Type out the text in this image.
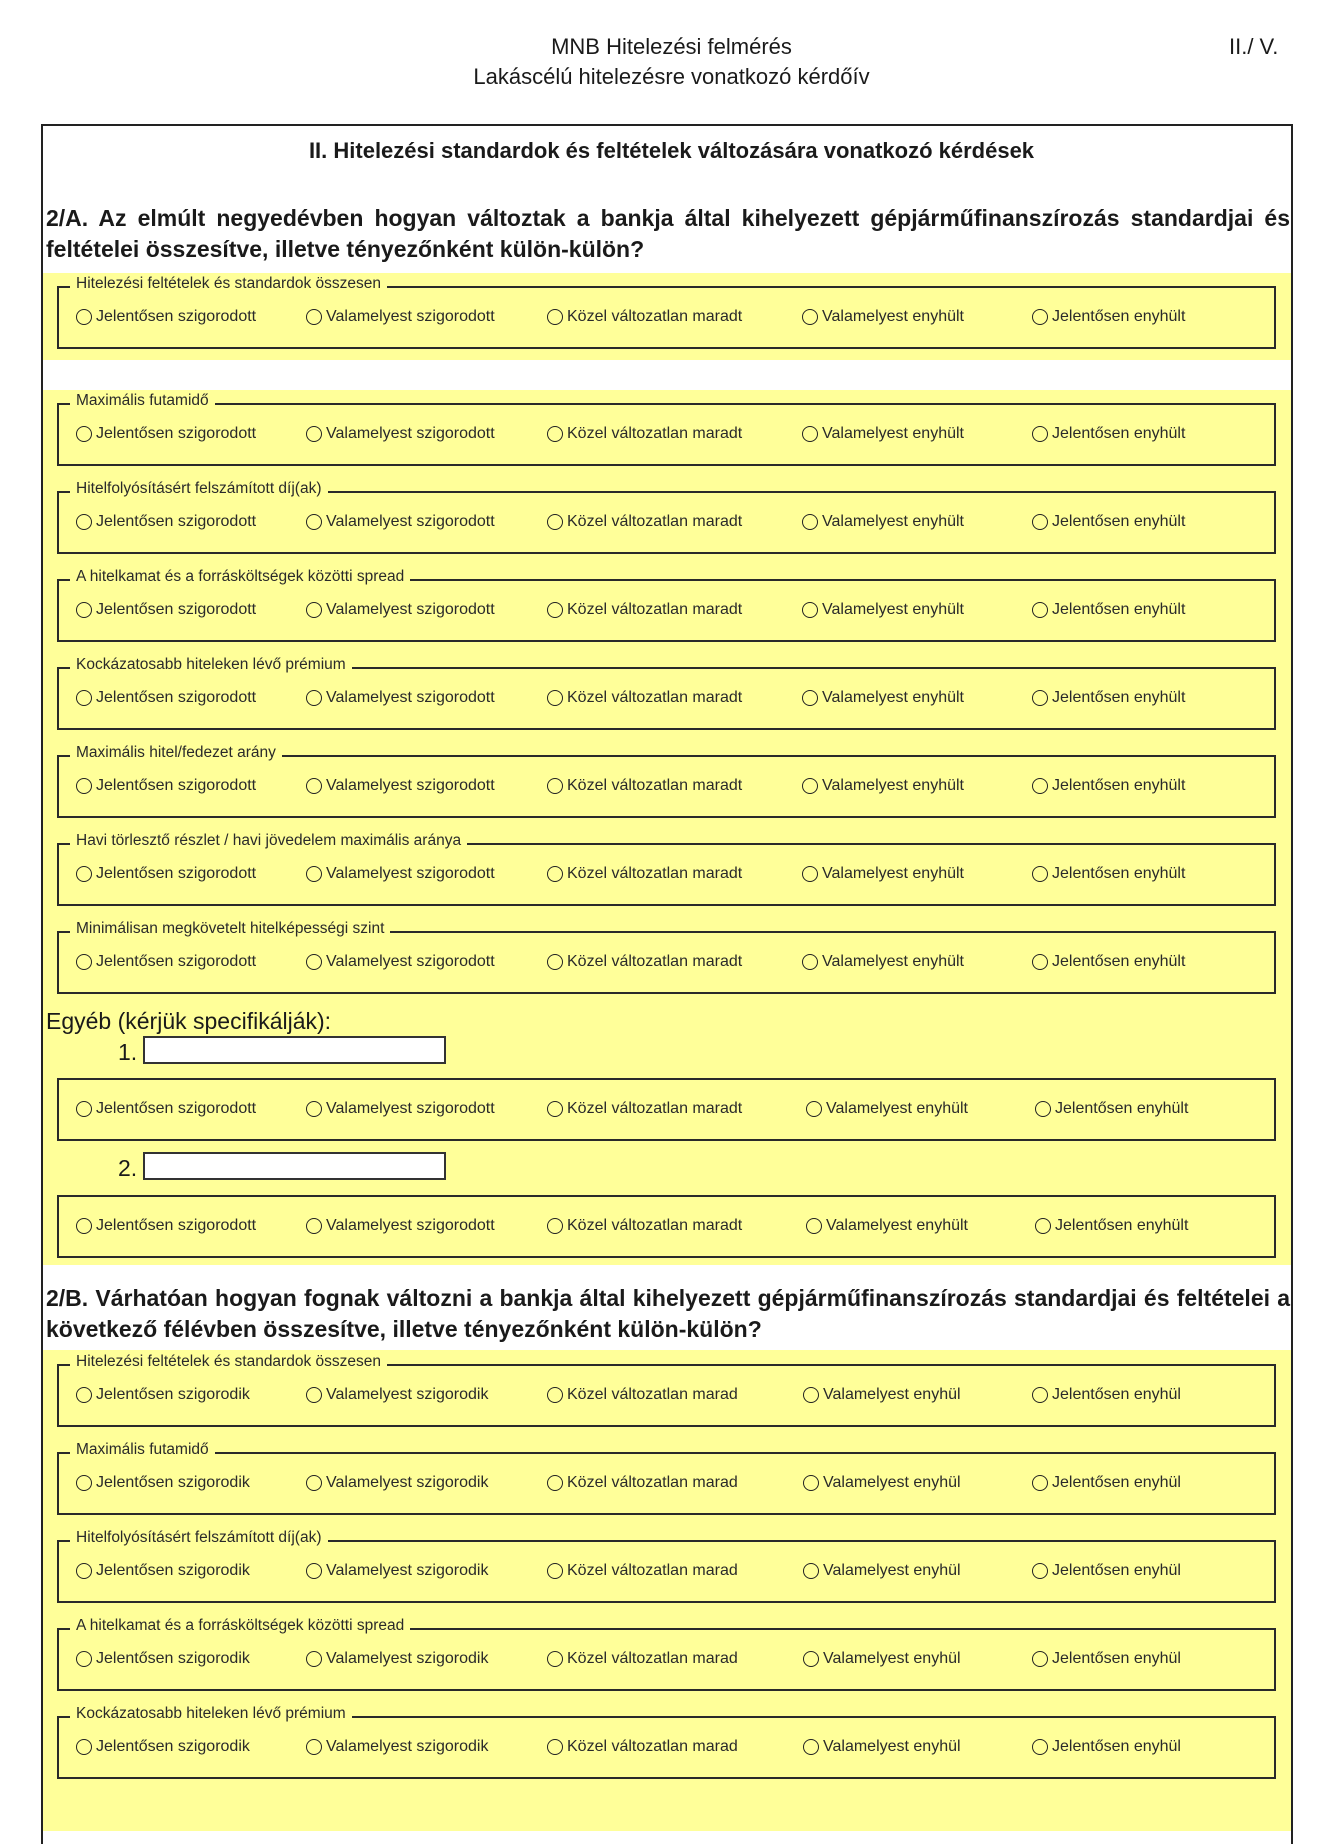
MNB Hitelezési felmérés
Lakáscélú hitelezésre vonatkozó kérdőív
II./ V.
II. Hitelezési standardok és feltételek változására vonatkozó kérdések
2/A. Az elmúlt negyedévben hogyan változtak a bankja által kihelyezett gépjárműfinanszírozás standardjai és feltételei összesítve, illetve tényezőnként külön-külön?
Hitelezési feltételek és standardok összesen
Jelentősen szigorodott	Valamelyest szigorodott	Közel változatlan maradt	Valamelyest enyhült	Jelentősen enyhült
Maximális futamidő
Jelentősen szigorodott	Valamelyest szigorodott	Közel változatlan maradt	Valamelyest enyhült	Jelentősen enyhült
Hitelfolyósításért felszámított díj(ak)
Jelentősen szigorodott	Valamelyest szigorodott	Közel változatlan maradt	Valamelyest enyhült	Jelentősen enyhült
A hitelkamat és a forrásköltségek közötti spread
Jelentősen szigorodott	Valamelyest szigorodott	Közel változatlan maradt	Valamelyest enyhült	Jelentősen enyhült
Kockázatosabb hiteleken lévő prémium
Jelentősen szigorodott	Valamelyest szigorodott	Közel változatlan maradt	Valamelyest enyhült	Jelentősen enyhült
Maximális hitel/fedezet arány
Jelentősen szigorodott	Valamelyest szigorodott	Közel változatlan maradt	Valamelyest enyhült	Jelentősen enyhült
Havi törlesztő részlet / havi jövedelem maximális aránya
Jelentősen szigorodott	Valamelyest szigorodott	Közel változatlan maradt	Valamelyest enyhült	Jelentősen enyhült
Minimálisan megkövetelt hitelképességi szint
Jelentősen szigorodott	Valamelyest szigorodott	Közel változatlan maradt	Valamelyest enyhült	Jelentősen enyhült
Egyéb (kérjük specifikálják):
1.
Jelentősen szigorodott	Valamelyest szigorodott	Közel változatlan maradt	Valamelyest enyhült	Jelentősen enyhült
2.
Jelentősen szigorodott	Valamelyest szigorodott	Közel változatlan maradt	Valamelyest enyhült	Jelentősen enyhült
2/B. Várhatóan hogyan fognak változni a bankja által kihelyezett gépjárműfinanszírozás standardjai és feltételei a következő félévben összesítve, illetve tényezőnként külön-külön?
Hitelezési feltételek és standardok összesen
Jelentősen szigorodik	Valamelyest szigorodik	Közel változatlan marad	Valamelyest enyhül	Jelentősen enyhül
Maximális futamidő
Jelentősen szigorodik	Valamelyest szigorodik	Közel változatlan marad	Valamelyest enyhül	Jelentősen enyhül
Hitelfolyósításért felszámított díj(ak)
Jelentősen szigorodik	Valamelyest szigorodik	Közel változatlan marad	Valamelyest enyhül	Jelentősen enyhül
A hitelkamat és a forrásköltségek közötti spread
Jelentősen szigorodik	Valamelyest szigorodik	Közel változatlan marad	Valamelyest enyhül	Jelentősen enyhül
Kockázatosabb hiteleken lévő prémium
Jelentősen szigorodik	Valamelyest szigorodik	Közel változatlan marad	Valamelyest enyhül	Jelentősen enyhül
